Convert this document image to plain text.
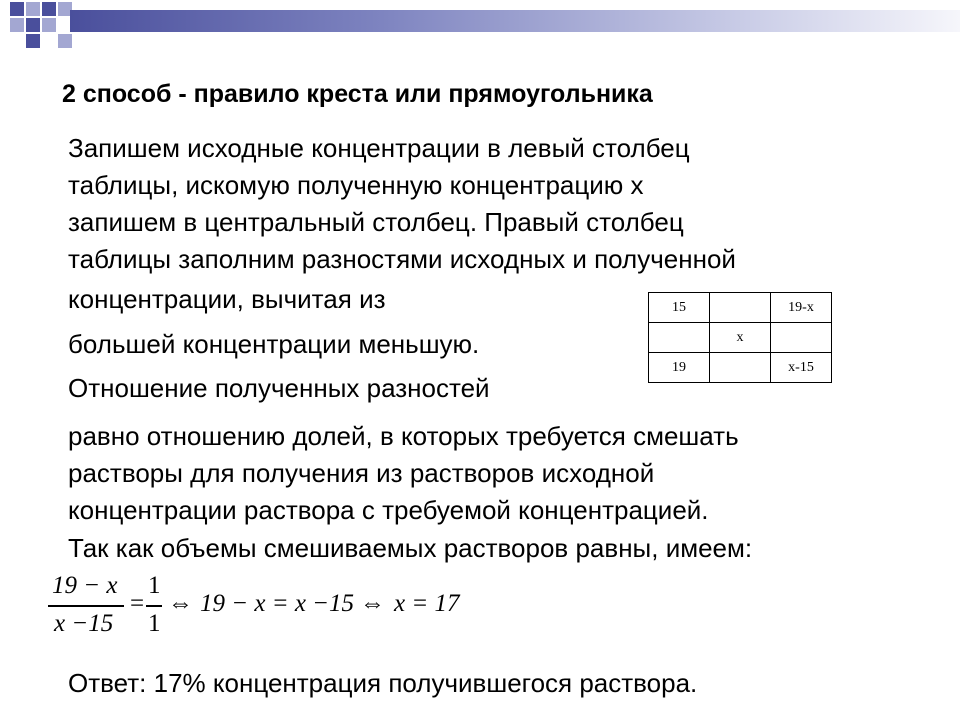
2 способ - правило креста или прямоугольника
Запишем исходные концентрации в левый столбец
таблицы, искомую полученную концентрацию х
запишем в центральный столбец. Правый столбец
таблицы заполним разностями исходных и полученной
концентрации, вычитая из
большей концентрации меньшую.
Отношение полученных разностей
равно отношению долей, в которых требуется смешать
растворы для получения из растворов исходной
концентрации раствора с требуемой концентрацией.
Так как объемы смешиваемых растворов равны, имеем:
15		19-х
	х	
19		х-15
19 − x
x −15
=
1
1
⇔ 19 − x = x −15 ⇔ x = 17
Ответ: 17% концентрация получившегося раствора.
